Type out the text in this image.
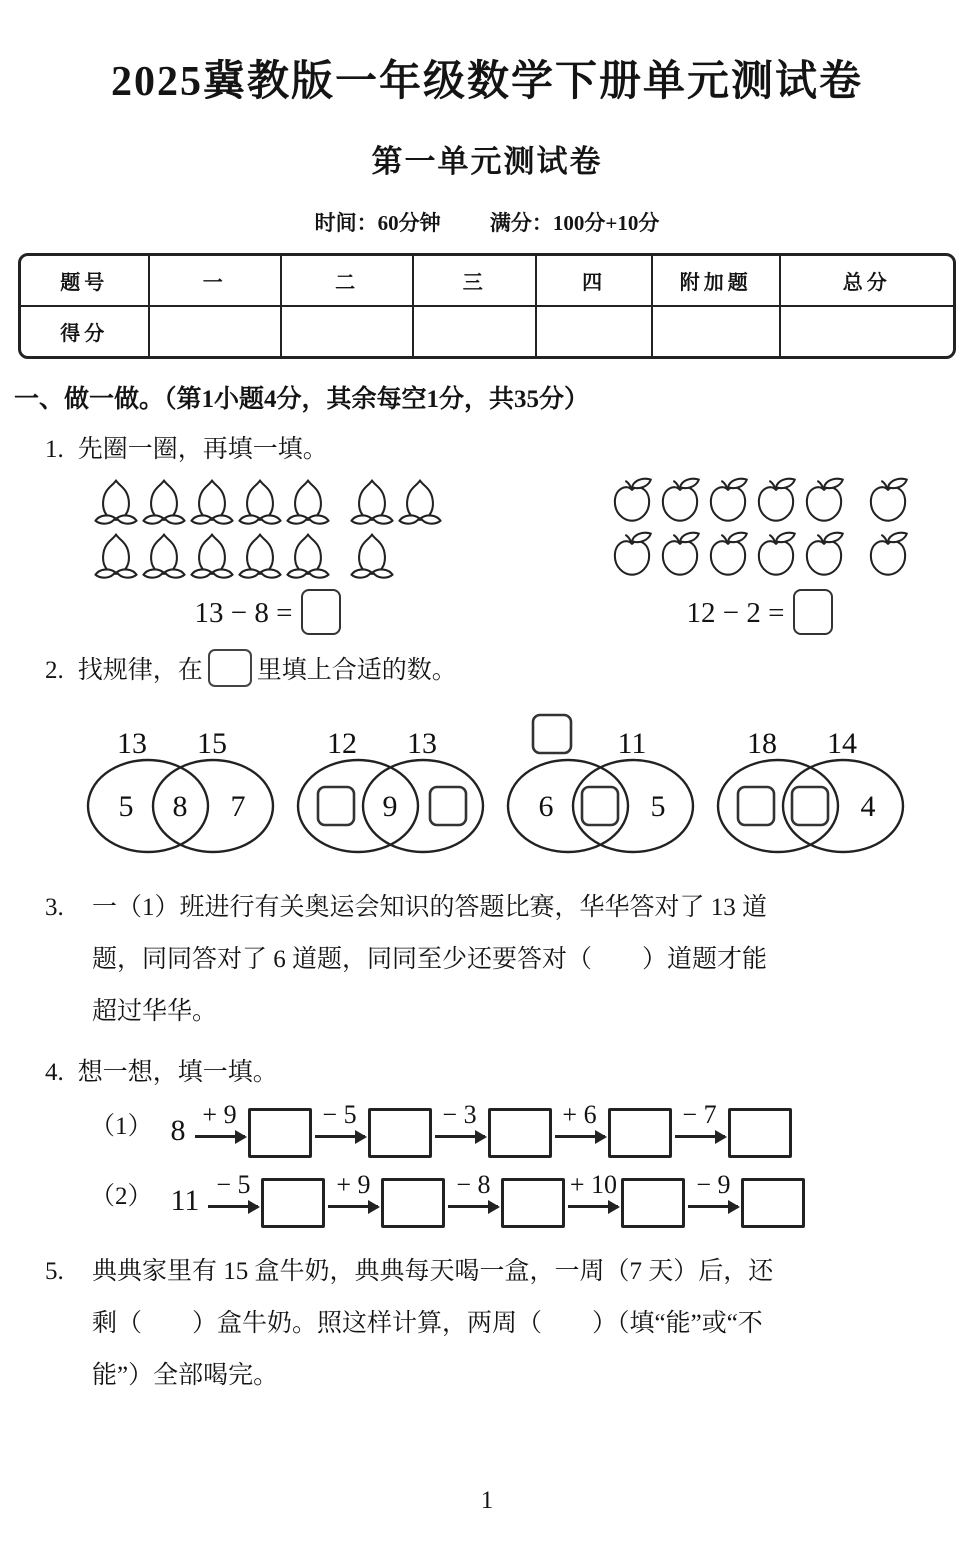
2025冀教版一年级数学下册单元测试卷
第一单元测试卷
时间：60分钟 满分：100分+10分
题号	一	二	三	四	附加题	总分
得分
一、做一做。（第1小题4分，其余每空1分，共35分）
1. 先圈一圈，再填一填。
13 − 8 =	12 − 2 =
2. 找规律，在 里填上合适的数。
13 15
5 8 7
12 13
9
11
6	5
18 14
4
3. 一（1）班进行有关奥运会知识的答题比赛，华华答对了 13 道
题，同同答对了 6 道题，同同至少还要答对（　　）道题才能
超过华华。
4. 想一想，填一填。
（1） 8 + 9	− 5	− 3	+ 6	− 7
（2） 11 − 5	+ 9	− 8	+ 10	− 9
5. 典典家里有 15 盒牛奶，典典每天喝一盒，一周（7 天）后，还
剩（　　）盒牛奶。照这样计算，两周（　　）（填“能”或“不
能”）全部喝完。
1
